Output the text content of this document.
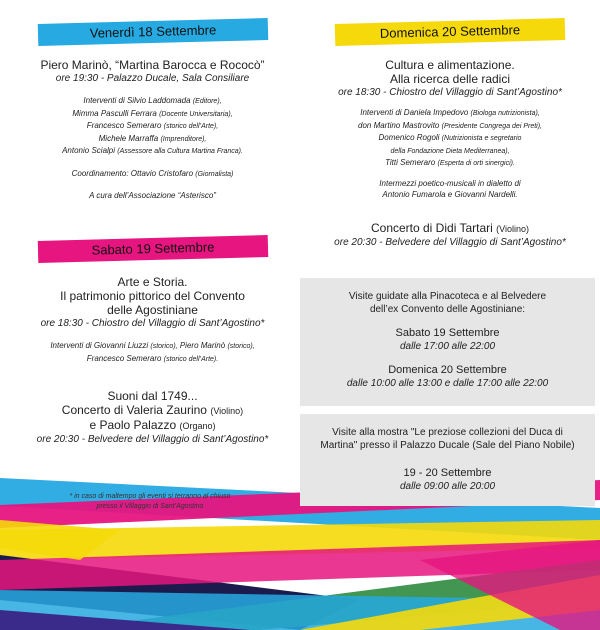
Venerdì 18 Settembre

Piero Marinò, “Martina Barocca e Rococò”

ore 19:30 - Palazzo Ducale, Sala Consiliare

Interventi di Silvio Laddomada (Editore),

Mimma Pasculli Ferrara (Docente Universitaria),

Francesco Semeraro (storico dell’Arte),

Michele Marraffa (Imprenditore),

Antonio Scialpi (Assessore alla Cultura Martina Franca).

Coordinamento: Ottavio Cristofaro (Giornalista)

A cura dell’Associazione “Asterisco”

Sabato 19 Settembre

Arte e Storia.

Il patrimonio pittorico del Convento

delle Agostiniane

ore 18:30 - Chiostro del Villaggio di Sant’Agostino*

Interventi di Giovanni Liuzzi (storico), Piero Marinò (storico),

Francesco Semeraro (storico dell’Arte).

Suoni dal 1749...

Concerto di Valeria Zaurino (Violino)

e Paolo Palazzo (Organo)

ore 20:30 - Belvedere del Villaggio di Sant’Agostino*

* in caso di maltempo gli eventi si terranno al chiuso
presso il Villaggio di Sant’Agostino
Domenica 20 Settembre

Cultura e alimentazione.

Alla ricerca delle radici

ore 18:30 - Chiostro del Villaggio di Sant’Agostino*

Interventi di Daniela Impedovo (Biologa nutrizionista),

don Martino Mastrovito (Presidente Congrega dei Preti),

Domenico Rogoli (Nutrizionista e segretario

della Fondazione Dieta Mediterranea),

Titti Semeraro (Esperta di orti sinergici).

Intermezzi poetico-musicali in dialetto di

Antonio Fumarola e Giovanni Nardelli.

Concerto di Didi Tartari (Violino)

ore 20:30 - Belvedere del Villaggio di Sant’Agostino*

Visite guidate alla Pinacoteca e al Belvedere

dell’ex Convento delle Agostiniane:

Sabato 19 Settembre

dalle 17:00 alle 22:00

Domenica 20 Settembre

dalle 10:00 alle 13:00 e dalle 17:00 alle 22:00

Visite alla mostra "Le preziose collezioni del Duca di

Martina" presso il Palazzo Ducale (Sale del Piano Nobile)

19 - 20 Settembre

dalle 09:00 alle 20:00
